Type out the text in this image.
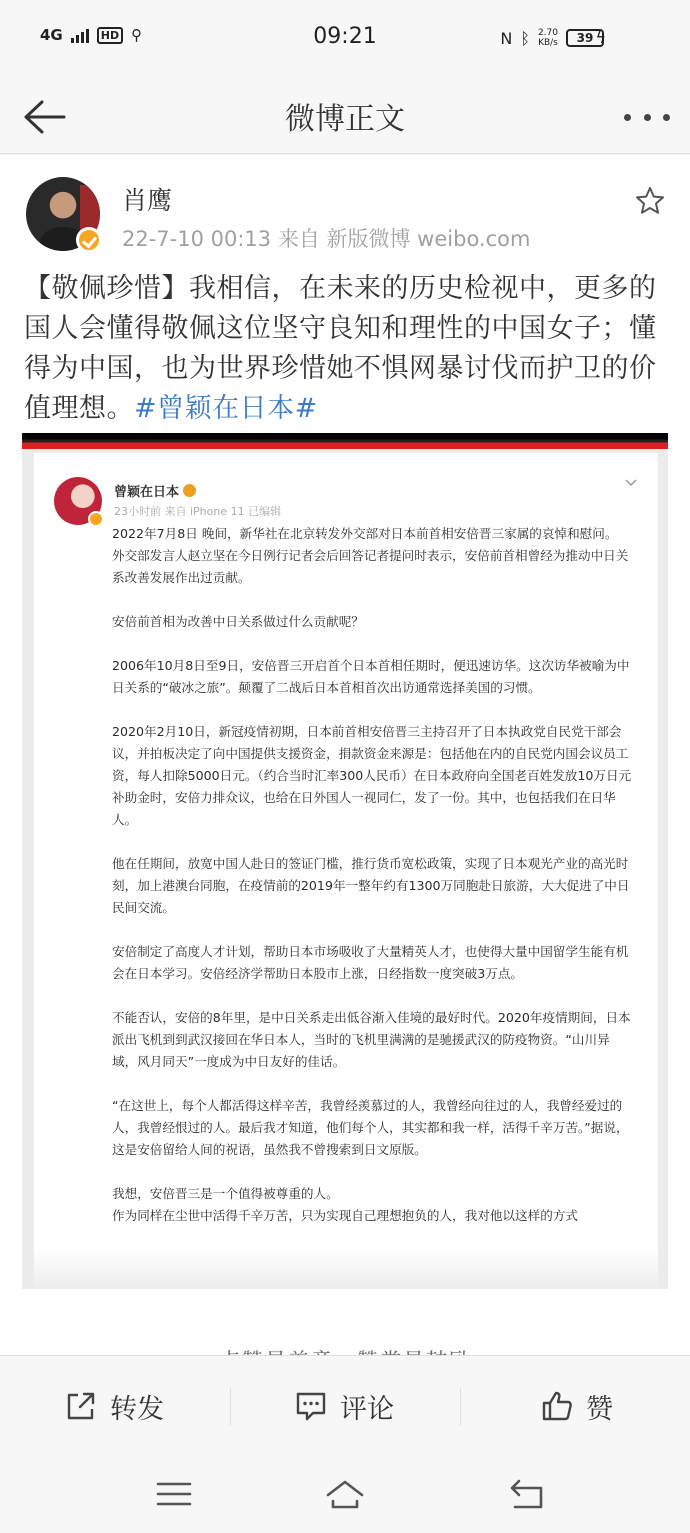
4G	HD ⚲	09:21	N ᛒ 2.70
KB/s	39 ϟ
微博正文
肖鹰
22-7-10 00:13 来自 新版微博 weibo.com
【敬佩珍惜】我相信，在未来的历史检视中，更多的国人会懂得敬佩这位坚守良知和理性的中国女子；懂得为中国，也为世界珍惜她不惧网暴讨伐而护卫的价值理想。#曾颖在日本#
曾颖在日本
23小时前 来自 iPhone 11 已编辑

2022年7月8日 晚间，新华社在北京转发外交部对日本前首相安倍晋三家属的哀悼和慰问。

外交部发言人赵立坚在今日例行记者会后回答记者提问时表示，安倍前首相曾经为推动中日关系改善发展作出过贡献。

安倍前首相为改善中日关系做过什么贡献呢？

2006年10月8日至9日，安倍晋三开启首个日本首相任期时，便迅速访华。这次访华被喻为中日关系的“破冰之旅”。颠覆了二战后日本首相首次出访通常选择美国的习惯。

2020年2月10日，新冠疫情初期，日本前首相安倍晋三主持召开了日本执政党自民党干部会议，并拍板决定了向中国提供支援资金，捐款资金来源是：包括他在内的自民党内国会议员工资，每人扣除5000日元。（约合当时汇率300人民币）在日本政府向全国老百姓发放10万日元补助金时，安倍力排众议，也给在日外国人一视同仁，发了一份。其中，也包括我们在日华人。

他在任期间，放宽中国人赴日的签证门槛，推行货币宽松政策，实现了日本观光产业的高光时刻，加上港澳台同胞，在疫情前的2019年一整年约有1300万同胞赴日旅游，大大促进了中日民间交流。

安倍制定了高度人才计划，帮助日本市场吸收了大量精英人才，也使得大量中国留学生能有机会在日本学习。安倍经济学帮助日本股市上涨，日经指数一度突破3万点。

不能否认，安倍的8年里，是中日关系走出低谷渐入佳境的最好时代。2020年疫情期间，日本派出飞机到到武汉接回在华日本人，当时的飞机里满满的是驰援武汉的防疫物资。“山川异域，风月同天”一度成为中日友好的佳话。

“在这世上，每个人都活得这样辛苦，我曾经羡慕过的人，我曾经向往过的人，我曾经爱过的人，我曾经恨过的人。最后我才知道，他们每个人，其实都和我一样，活得千辛万苦。”据说，这是安倍留给人间的祝语，虽然我不曾搜索到日文原版。

我想，安倍晋三是一个值得被尊重的人。

作为同样在尘世中活得千辛万苦，只为实现自己理想抱负的人，我对他以这样的方式

转发	评论	赞
